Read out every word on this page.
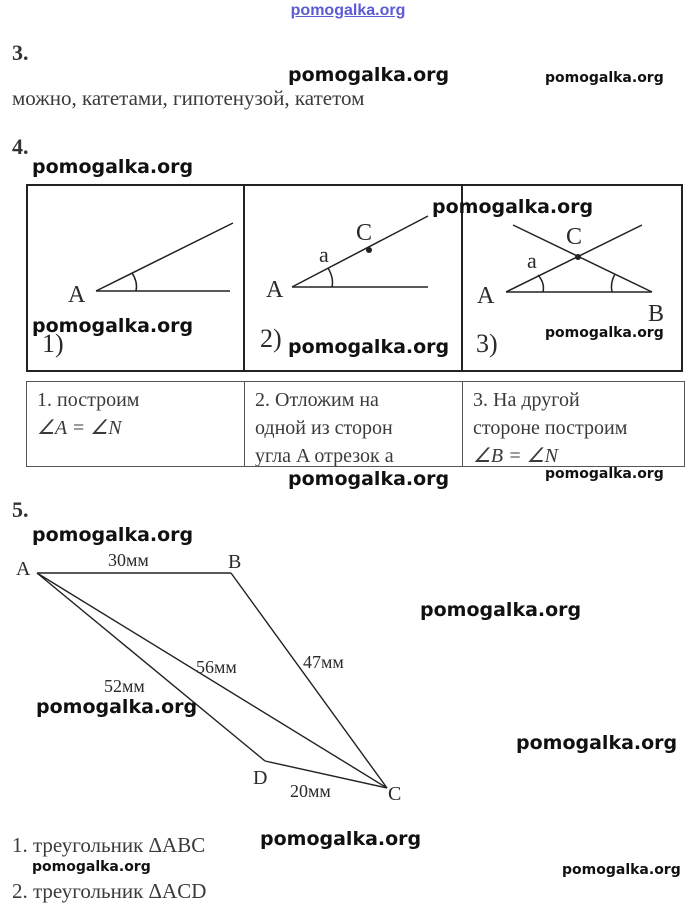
pomogalka.org
3.
можно, катетами, гипотенузой, катетом
4.
A
1)
A
a
C
2)
A
a
C
B
3)
A	B
C
D
30мм
47мм
56мм
52мм
20мм
1. построим
∠A = ∠N
2. Отложим на
одной из сторон
угла A отрезок a
3. На другой
стороне построим
∠B = ∠N
5.
1. треугольник ΔABC
2. треугольник ΔACD
pomogalka.org	pomogalka.org
pomogalka.org
pomogalka.org
pomogalka.org
pomogalka.org
pomogalka.org
pomogalka.org	pomogalka.org
pomogalka.org
pomogalka.org
pomogalka.org
pomogalka.org
pomogalka.org
pomogalka.org	pomogalka.org
